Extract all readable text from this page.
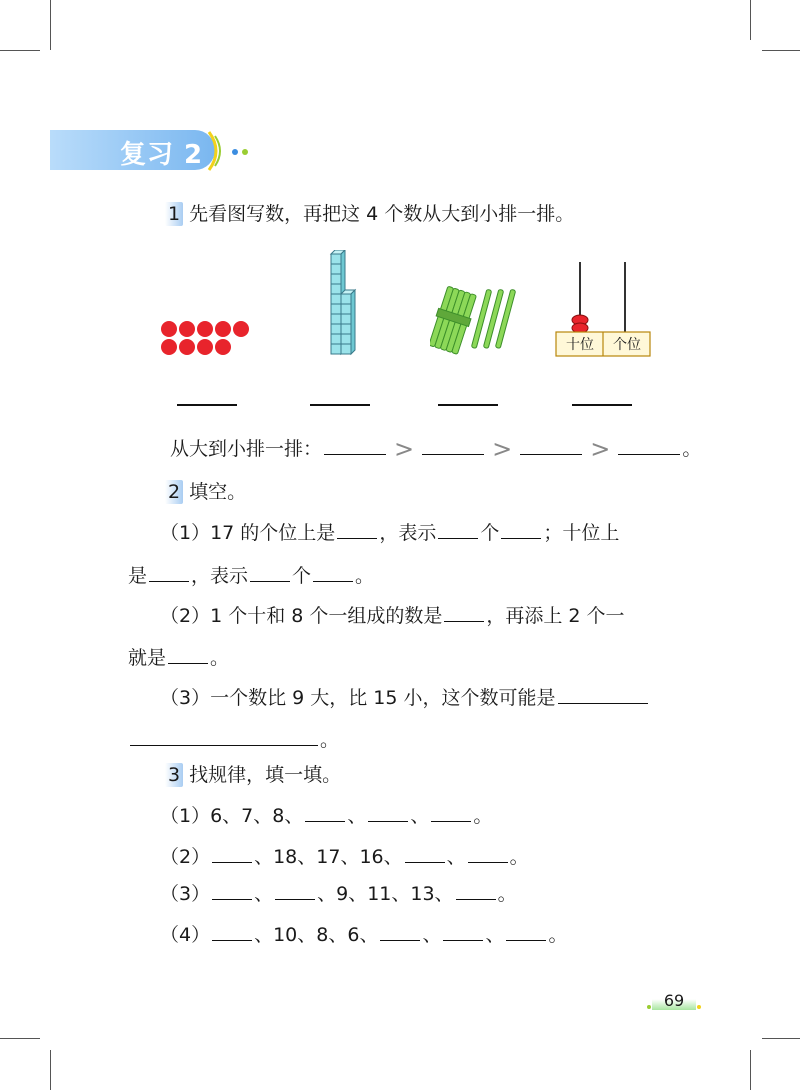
复习 2
1 先看图写数，再把这 4 个数从大到小排一排。
十位	个位
从大到小排一排：	>	>	>	。
2 填空。
（1）17 的个位上是 ，表示 个 ；十位上
是 ，表示 个 。
（2）1 个十和 8 个一组成的数是 ，再添上 2 个一
就是 。
（3）一个数比 9 大，比 15 小，这个数可能是
。
3 找规律，填一填。
（1）6、7、8、 、 、 。
（2） 、18、17、16、 、 。
（3） 、 、9、11、13、 。
（4） 、10、8、6、 、 、 。
69
